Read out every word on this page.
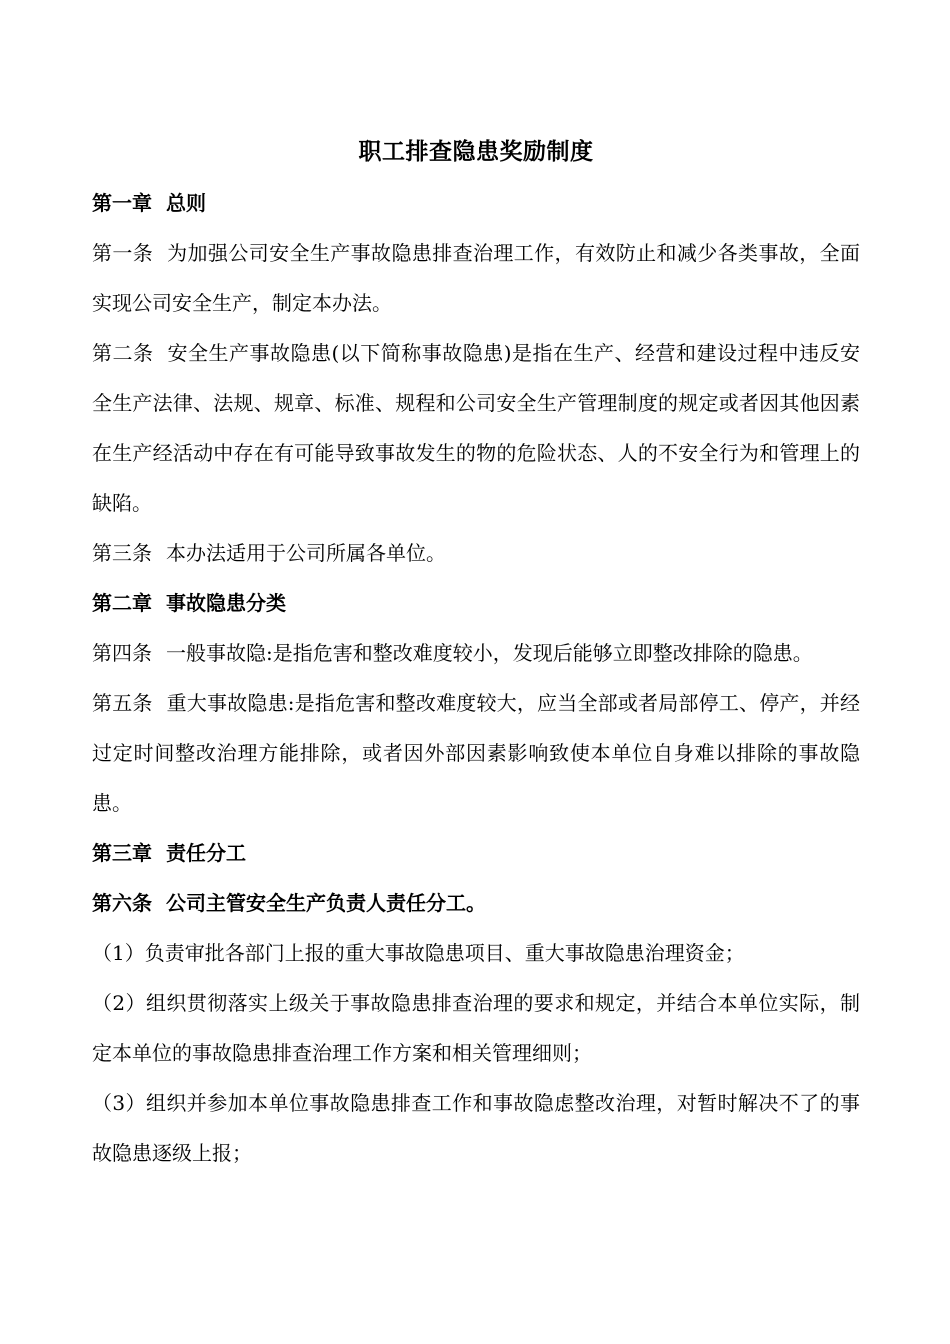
职工排查隐患奖励制度

第一章 总则

第一条 为加强公司安全生产事故隐患排查治理工作，有效防止和减少各类事故，全面实现公司安全生产，制定本办法。

第二条 安全生产事故隐患(以下简称事故隐患)是指在生产、经营和建设过程中违反安全生产法律、法规、规章、标准、规程和公司安全生产管理制度的规定或者因其他因素在生产经活动中存在有可能导致事故发生的物的危险状态、人的不安全行为和管理上的缺陷。

第三条 本办法适用于公司所属各单位。

第二章 事故隐患分类

第四条 一般事故隐:是指危害和整改难度较小，发现后能够立即整改排除的隐患。

第五条 重大事故隐患:是指危害和整改难度较大，应当全部或者局部停工、停产，并经过定时间整改治理方能排除，或者因外部因素影响致使本单位自身难以排除的事故隐患。

第三章 责任分工

第六条 公司主管安全生产负责人责任分工。

（1）负责审批各部门上报的重大事故隐患项目、重大事故隐患治理资金；

（2）组织贯彻落实上级关于事故隐患排查治理的要求和规定，并结合本单位实际，制定本单位的事故隐患排查治理工作方案和相关管理细则；

（3）组织并参加本单位事故隐患排查工作和事故隐虑整改治理，对暂时解决不了的事故隐患逐级上报；
